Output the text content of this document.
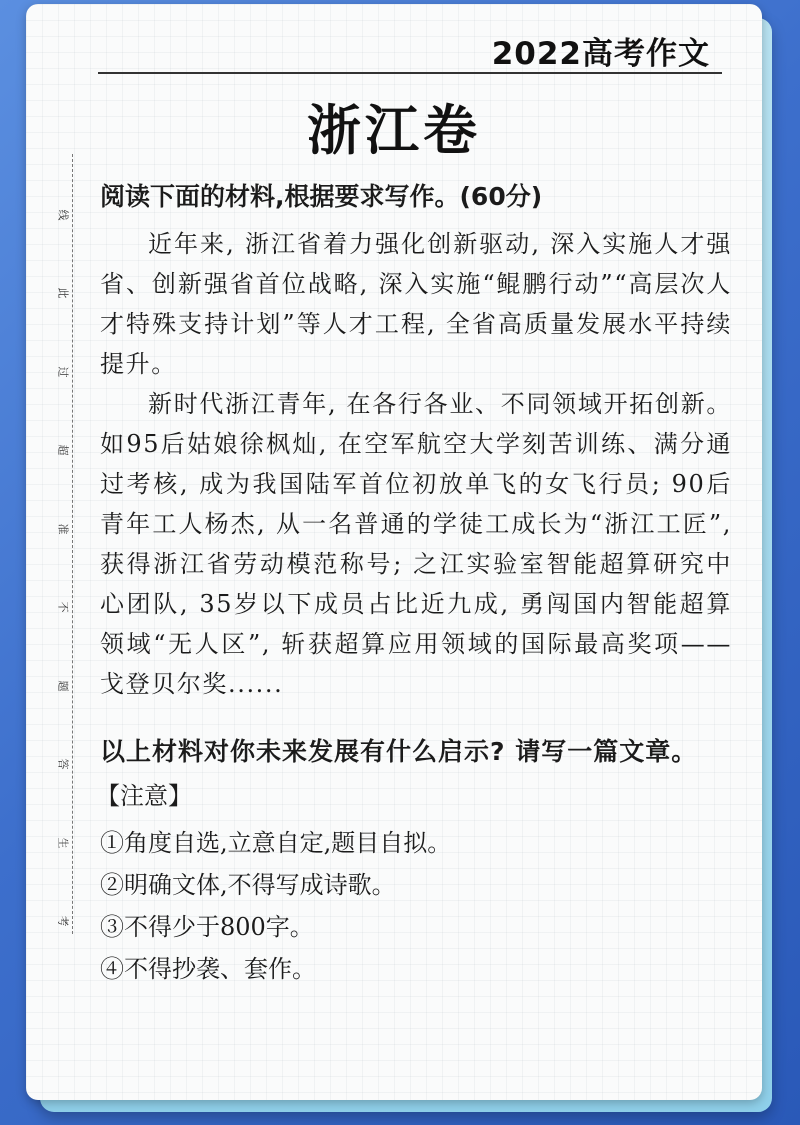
2022高考作文
浙江卷
线
此
过
超
准
不
题
答
生
考

阅读下面的材料,根据要求写作。(60分)

近年来, 浙江省着力强化创新驱动, 深入实施人才强省、创新强省首位战略, 深入实施“鲲鹏行动”“高层次人才特殊支持计划”等人才工程, 全省高质量发展水平持续提升。

新时代浙江青年, 在各行各业、不同领域开拓创新。如95后姑娘徐枫灿, 在空军航空大学刻苦训练、满分通过考核, 成为我国陆军首位初放单飞的女飞行员; 90后青年工人杨杰, 从一名普通的学徒工成长为“浙江工匠”, 获得浙江省劳动模范称号; 之江实验室智能超算研究中心团队, 35岁以下成员占比近九成, 勇闯国内智能超算领域“无人区”, 斩获超算应用领域的国际最高奖项——戈登贝尔奖......

以上材料对你未来发展有什么启示? 请写一篇文章。

【注意】

①角度自选,立意自定,题目自拟。

②明确文体,不得写成诗歌。

③不得少于800字。

④不得抄袭、套作。
